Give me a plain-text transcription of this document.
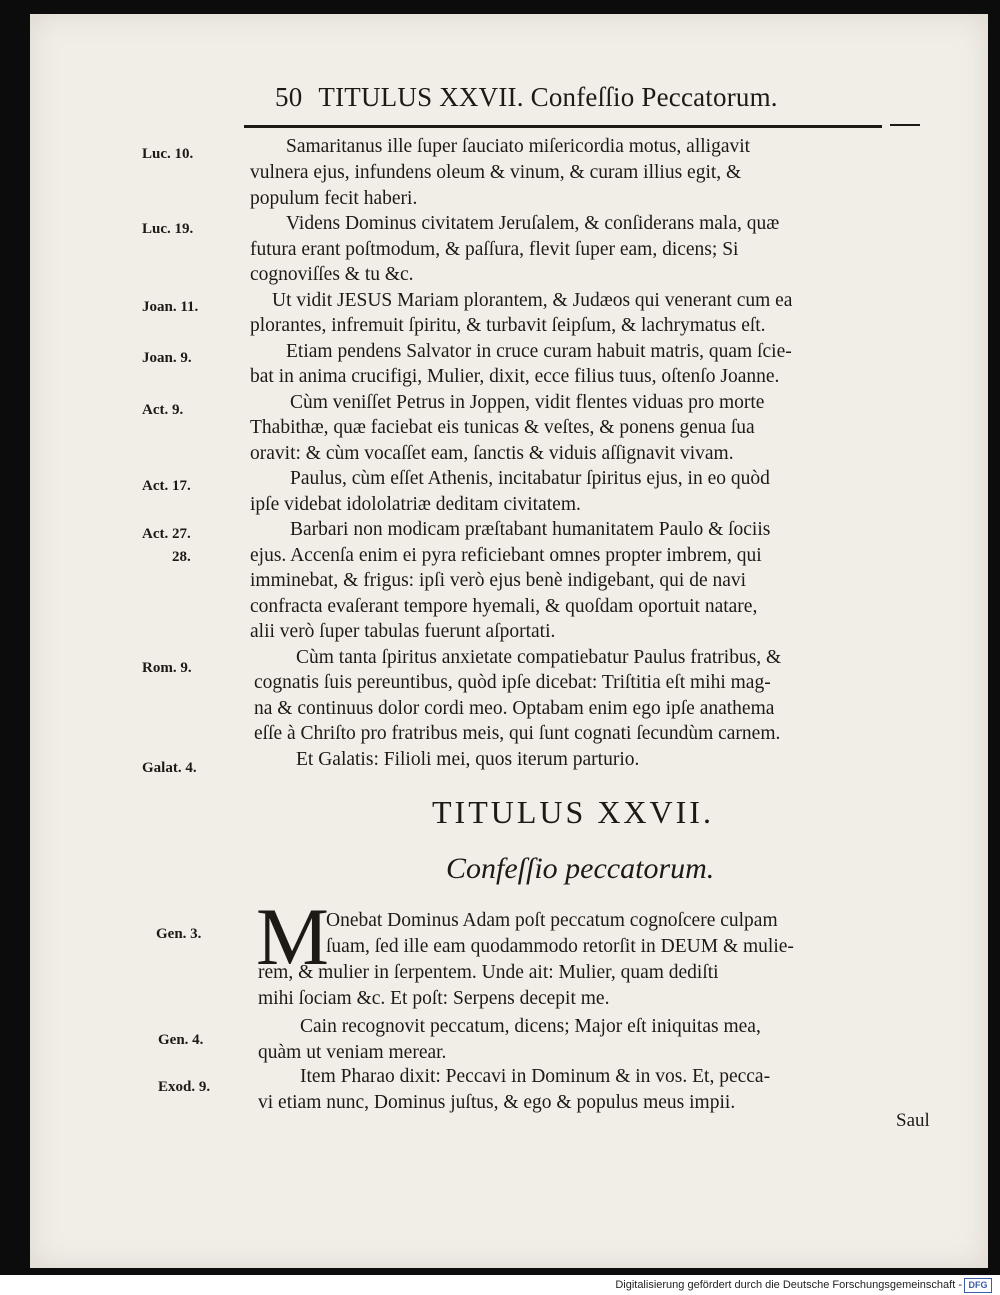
50 TITULUS XXVII. Confeſſio Peccatorum.
Luc. 10.
Luc. 19.
Joan. 11.
Joan. 9.
Act. 9.
Act. 17.
Act. 27.
28.
Rom. 9.
Galat. 4.
Gen. 3.
Gen. 4.
Exod. 9.
Samaritanus ille ſuper ſauciato miſericordia motus, alligavit
vulnera ejus, infundens oleum & vinum, & curam illius egit, &
populum fecit haberi.
Videns Dominus civitatem Jeruſalem, & conſiderans mala, quæ
futura erant poſtmodum, & paſſura, flevit ſuper eam, dicens; Si
cognoviſſes & tu &c.
Ut vidit JESUS Mariam plorantem, & Judæos qui venerant cum ea
plorantes, infremuit ſpiritu, & turbavit ſeipſum, & lachrymatus eſt.
Etiam pendens Salvator in cruce curam habuit matris, quam ſcie-
bat in anima crucifigi, Mulier, dixit, ecce filius tuus, oſtenſo Joanne.
Cùm veniſſet Petrus in Joppen, vidit flentes viduas pro morte
Thabithæ, quæ faciebat eis tunicas & veſtes, & ponens genua ſua
oravit: & cùm vocaſſet eam, ſanctis & viduis aſſignavit vivam.
Paulus, cùm eſſet Athenis, incitabatur ſpiritus ejus, in eo quòd
ipſe videbat idololatriæ deditam civitatem.
Barbari non modicam præſtabant humanitatem Paulo & ſociis
ejus. Accenſa enim ei pyra reficiebant omnes propter imbrem, qui
imminebat, & frigus: ipſi verò ejus benè indigebant, qui de navi
confracta evaſerant tempore hyemali, & quoſdam oportuit natare,
alii verò ſuper tabulas fuerunt aſportati.
Cùm tanta ſpiritus anxietate compatiebatur Paulus fratribus, &
cognatis ſuis pereuntibus, quòd ipſe dicebat: Triſtitia eſt mihi mag-
na & continuus dolor cordi meo. Optabam enim ego ipſe anathema
eſſe à Chriſto pro fratribus meis, qui ſunt cognati ſecundùm carnem.
Et Galatis: Filioli mei, quos iterum parturio.
TITULUS XXVII.
Confeſſio peccatorum.
M
Onebat Dominus Adam poſt peccatum cognoſcere culpam
ſuam, ſed ille eam quodammodo retorſit in DEUM & mulie-
rem, & mulier in ſerpentem. Unde ait: Mulier, quam dediſti
mihi ſociam &c. Et poſt: Serpens decepit me.
Cain recognovit peccatum, dicens; Major eſt iniquitas mea,
quàm ut veniam merear.
Item Pharao dixit: Peccavi in Dominum & in vos. Et, pecca-
vi etiam nunc, Dominus juſtus, & ego & populus meus impii.
Saul
Digitalisierung gefördert durch die Deutsche Forschungsgemeinschaft - DFG
